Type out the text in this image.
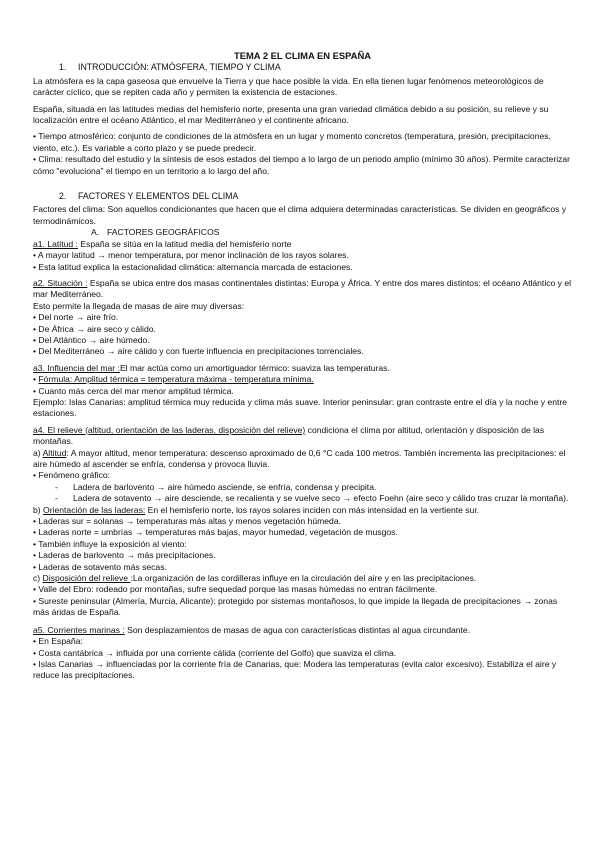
TEMA 2 EL CLIMA EN ESPAÑA
1. INTRODUCCIÓN: ATMÓSFERA, TIEMPO Y CLIMA
La atmósfera es la capa gaseosa que envuelve la Tierra y que hace posible la vida. En ella tienen lugar fenómenos meteorológicos de carácter cíclico, que se repiten cada año y permiten la existencia de estaciones.
España, situada en las latitudes medias del hemisferio norte, presenta una gran variedad climática debido a su posición, su relieve y su localización entre el océano Atlántico, el mar Mediterráneo y el continente africano.
• Tiempo atmosférico: conjunto de condiciones de la atmósfera en un lugar y momento concretos (temperatura, presión, precipitaciones, viento, etc.). Es variable a corto plazo y se puede predecir.
• Clima: resultado del estudio y la síntesis de esos estados del tiempo a lo largo de un periodo amplio (mínimo 30 años). Permite caracterizar cómo "evoluciona" el tiempo en un territorio a lo largo del año.
2. FACTORES Y ELEMENTOS DEL CLIMA
Factores del clima: Son aquellos condicionantes que hacen que el clima adquiera determinadas características. Se dividen en geográficos y termodinámicos.
A. FACTORES GEOGRÁFICOS
a1. Latitud : España se sitúa en la latitud media del hemisferio norte
• A mayor latitud → menor temperatura, por menor inclinación de los rayos solares.
• Esta latitud explica la estacionalidad climática: alternancia marcada de estaciones.
a2. Situación : España se ubica entre dos masas continentales distintas: Europa y África. Y entre dos mares distintos: el océano Atlántico y el mar Mediterráneo.
Esto permite la llegada de masas de aire muy diversas:
• Del norte → aire frío.
• De África → aire seco y cálido.
• Del Atlántico → aire húmedo.
• Del Mediterráneo → aire cálido y con fuerte influencia en precipitaciones torrenciales.
a3. Influencia del mar :El mar actúa como un amortiguador térmico: suaviza las temperaturas.
• Fórmula: Amplitud térmica = temperatura máxima - temperatura mínima.
• Cuanto más cerca del mar menor amplitud térmica.
Ejemplo: Islas Canarias: amplitud térmica muy reducida y clima más suave. Interior peninsular: gran contraste entre el día y la noche y entre estaciones.
a4. El relieve (altitud, orientación de las laderas, disposición del relieve) condiciona el clima por altitud, orientación y disposición de las montañas.
a) Altitud: A mayor altitud, menor temperatura: descenso aproximado de 0,6 °C cada 100 metros. También incrementa las precipitaciones: el aire húmedo al ascender se enfría, condensa y provoca lluvia.
• Fenómeno gráfico:
- Ladera de barlovento → aire húmedo asciende, se enfría, condensa y precipita.
- Ladera de sotavento → aire desciende, se recalienta y se vuelve seco → efecto Foehn (aire seco y cálido tras cruzar la montaña).
b) Orientación de las laderas: En el hemisferio norte, los rayos solares inciden con más intensidad en la vertiente sur.
• Laderas sur = solanas → temperaturas más altas y menos vegetación húmeda.
• Laderas norte = umbrías → temperaturas más bajas, mayor humedad, vegetación de musgos.
• También influye la exposición al viento:
• Laderas de barlovento → más precipitaciones.
• Laderas de sotavento más secas.
c) Disposición del relieve :La organización de las cordilleras influye en la circulación del aire y en las precipitaciones.
• Valle del Ebro: rodeado por montañas, sufre sequedad porque las masas húmedas no entran fácilmente.
• Sureste peninsular (Almería, Murcia, Alicante): protegido por sistemas montañosos, lo que impide la llegada de precipitaciones → zonas más áridas de España.
a5. Corrientes marinas : Son desplazamientos de masas de agua con características distintas al agua circundante.
• En España:
• Costa cantábrica → influida por una corriente cálida (corriente del Golfo) que suaviza el clima.
• Islas Canarias → influenciadas por la corriente fría de Canarias, que: Modera las temperaturas (evita calor excesivo). Estabiliza el aire y reduce las precipitaciones.
